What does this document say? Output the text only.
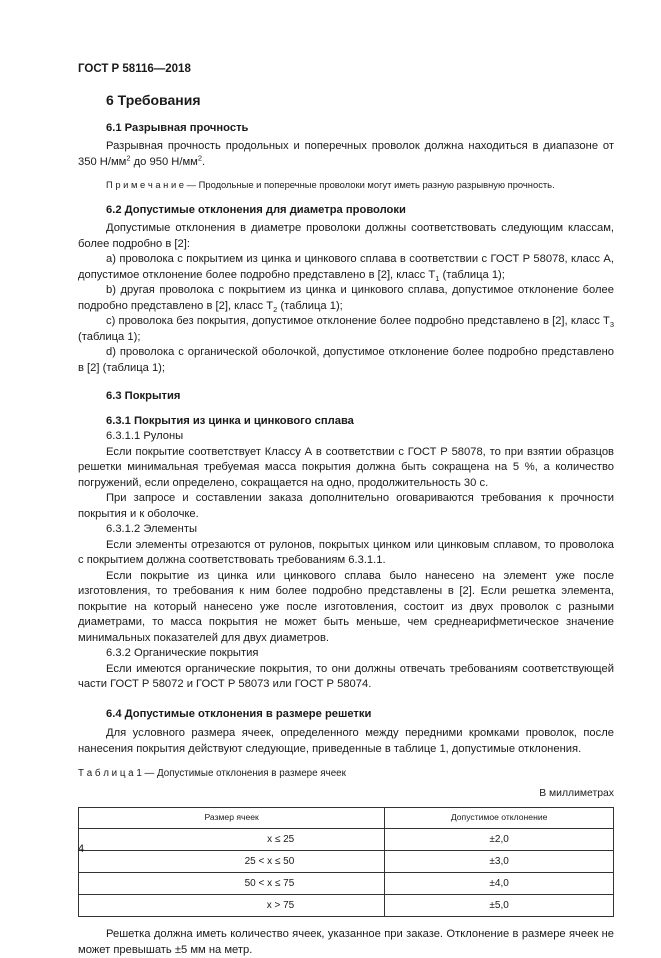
ГОСТ Р 58116—2018
6 Требования
6.1 Разрывная прочность

Разрывная прочность продольных и поперечных проволок должна находиться в диапазоне от 350 $Н/мм^2$ до 950 $Н/мм^2$.

П р и м е ч а н и е — Продольные и поперечные проволоки могут иметь разную разрывную прочность.

6.2 Допустимые отклонения для диаметра проволоки

Допустимые отклонения в диаметре проволоки должны соответствовать следующим классам, более подробно в [2]:

a) проволока с покрытием из цинка и цинкового сплава в соответствии с ГОСТ Р 58078, класс А, допустимое отклонение более подробно представлено в [2], класс $Т_1$ (таблица 1);

b) другая проволока с покрытием из цинка и цинкового сплава, допустимое отклонение более подробно представлено в [2], класс $Т_2$ (таблица 1);

c) проволока без покрытия, допустимое отклонение более подробно представлено в [2], класс $Т_3$ (таблица 1);

d) проволока с органической оболочкой, допустимое отклонение более подробно представлено в [2] (таблица 1);

6.3 Покрытия
6.3.1 Покрытия из цинка и цинкового сплава
6.3.1.1 Рулоны

Если покрытие соответствует Классу А в соответствии с ГОСТ Р 58078, то при взятии образцов решетки минимальная требуемая масса покрытия должна быть сокращена на 5 %, а количество погружений, если определено, сокращается на одно, продолжительность 30 с.

При запросе и составлении заказа дополнительно оговариваются требования к прочности покрытия и к оболочке.

6.3.1.2 Элементы

Если элементы отрезаются от рулонов, покрытых цинком или цинковым сплавом, то проволока с покрытием должна соответствовать требованиям 6.3.1.1.

Если покрытие из цинка или цинкового сплава было нанесено на элемент уже после изготовления, то требования к ним более подробно представлены в [2]. Если решетка элемента, покрытие на который нанесено уже после изготовления, состоит из двух проволок с разными диаметрами, то масса покрытия не может быть меньше, чем среднеарифметическое значение минимальных показателей для двух диаметров.

6.3.2 Органические покрытия

Если имеются органические покрытия, то они должны отвечать требованиям соответствующей части ГОСТ Р 58072 и ГОСТ Р 58073 или ГОСТ Р 58074.

6.4 Допустимые отклонения в размере решетки

Для условного размера ячеек, определенного между передними кромками проволок, после нанесения покрытия действуют следующие, приведенные в таблице 1, допустимые отклонения.

Т а б л и ц а 1 — Допустимые отклонения в размере ячеек
В миллиметрах
Размер ячеек	Допустимое отклонение
x ≤ 25	±2,0
25 < x ≤ 50	±3,0
50 < x ≤ 75	±4,0
x > 75	±5,0

Решетка должна иметь количество ячеек, указанное при заказе. Отклонение в размере ячеек не может превышать ±5 мм на метр.

4
